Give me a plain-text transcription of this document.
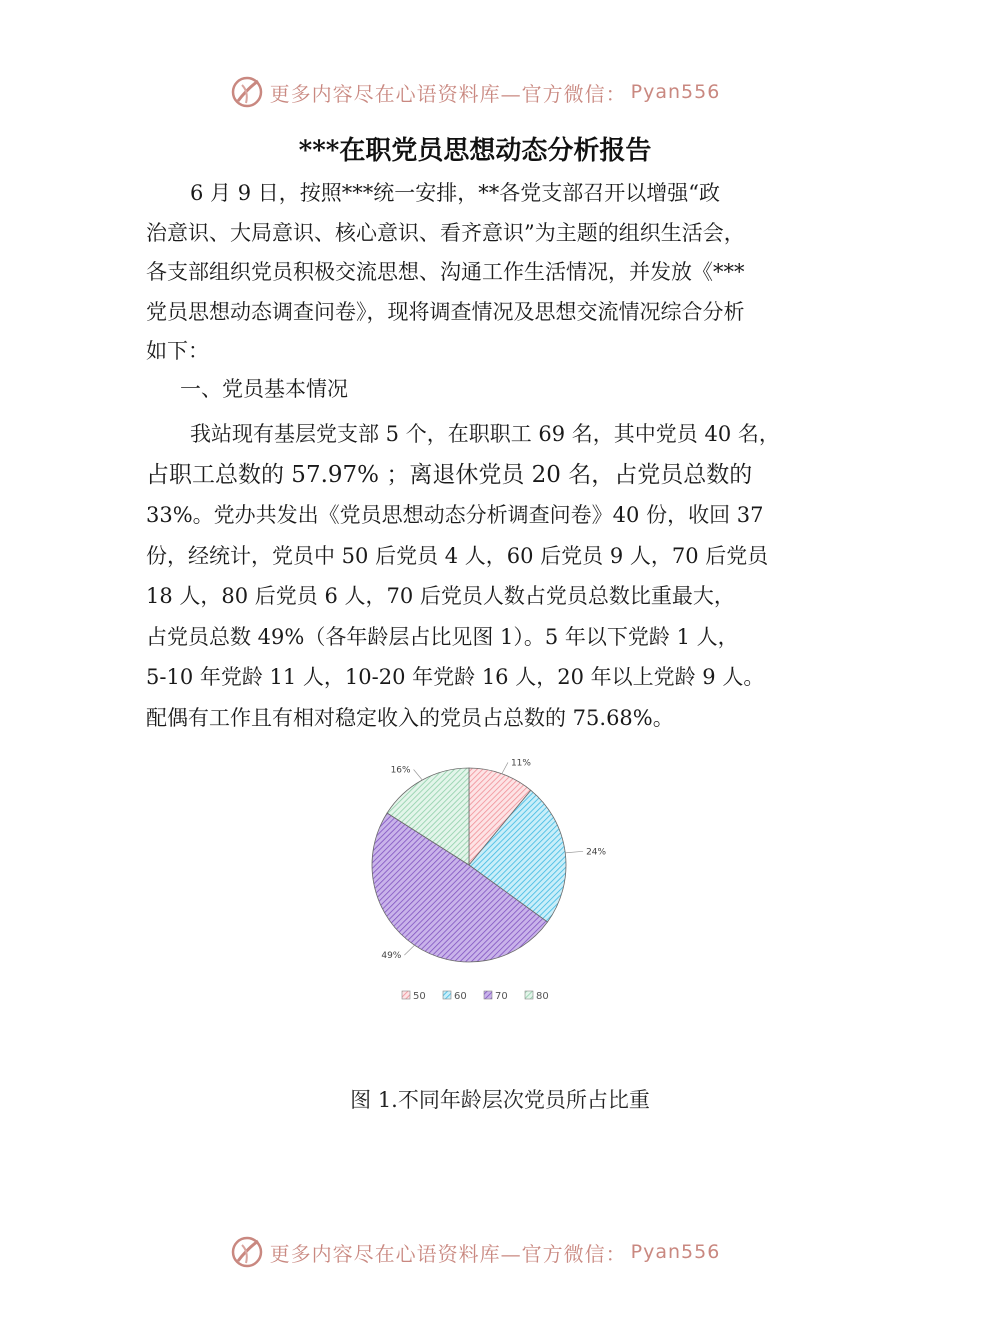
更多内容尽在心语资料库—官方微信： Pyan556
***在职党员思想动态分析报告
6 月 9 日，按照***统一安排，**各党支部召开以增强“政
治意识、大局意识、核心意识、看齐意识”为主题的组织生活会，
各支部组织党员积极交流思想、沟通工作生活情况，并发放《***
党员思想动态调查问卷》，现将调查情况及思想交流情况综合分析
如下：
一、党员基本情况
我站现有基层党支部 5 个，在职职工 69 名，其中党员 40 名，
占职工总数的 57.97% ；离退休党员 20 名，占党员总数的
33%。党办共发出《党员思想动态分析调查问卷》40 份，收回 37
份，经统计，党员中 50 后党员 4 人，60 后党员 9 人，70 后党员
18 人，80 后党员 6 人，70 后党员人数占党员总数比重最大，
占党员总数 49%（各年龄层占比见图 1）。5 年以下党龄 1 人，
5-10 年党龄 11 人，10-20 年党龄 16 人，20 年以上党龄 9 人。
配偶有工作且有相对稳定收入的党员占总数的 75.68%。
11%
24%
49%
16%
50	60	70	80
图 1.不同年龄层次党员所占比重
更多内容尽在心语资料库—官方微信： Pyan556
